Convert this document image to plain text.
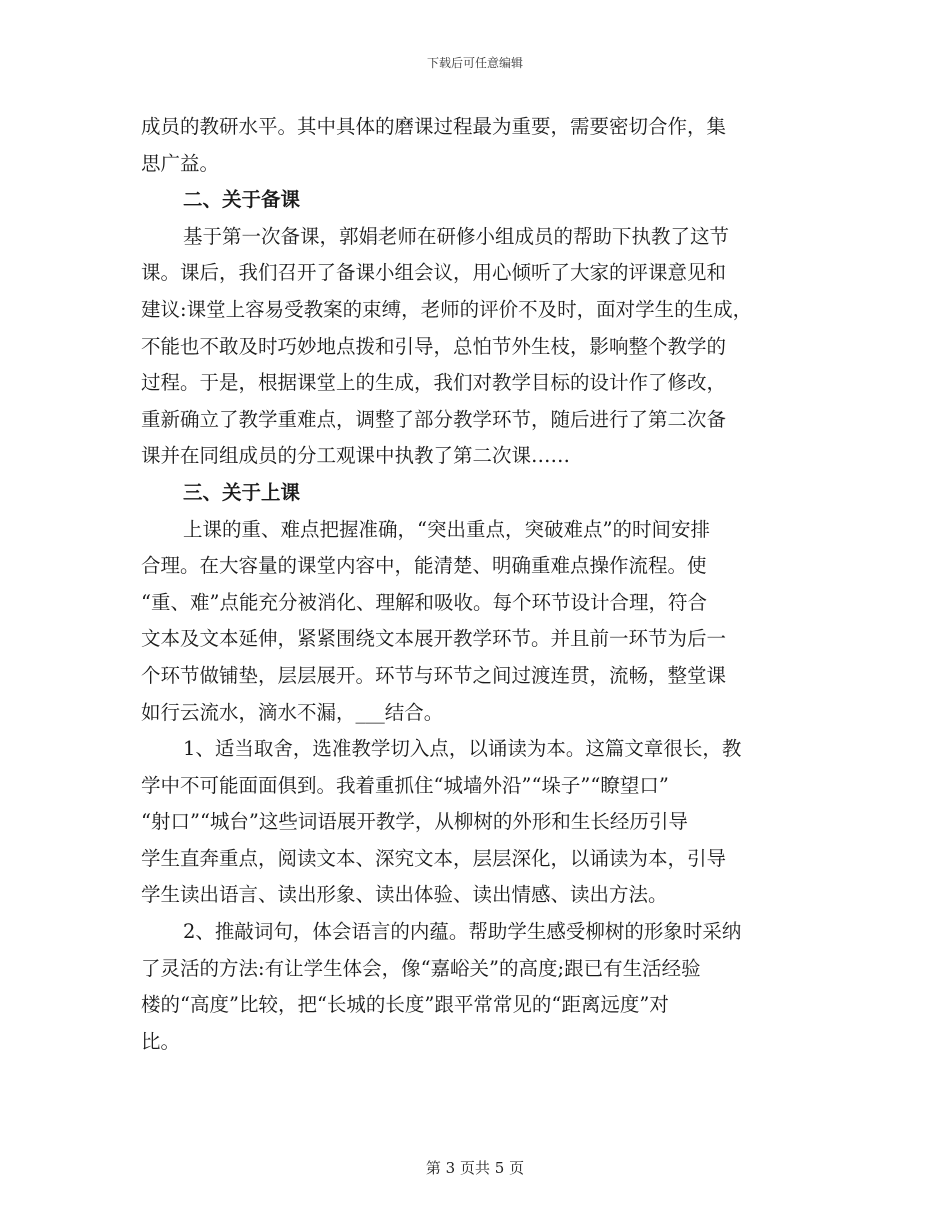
下载后可任意编辑
成员的教研水平。其中具体的磨课过程最为重要，需要密切合作，集
思广益。
二、关于备课
基于第一次备课，郭娟老师在研修小组成员的帮助下执教了这节
课。课后，我们召开了备课小组会议，用心倾听了大家的评课意见和
建议:课堂上容易受教案的束缚，老师的评价不及时，面对学生的生成，
不能也不敢及时巧妙地点拨和引导，总怕节外生枝，影响整个教学的
过程。于是，根据课堂上的生成，我们对教学目标的设计作了修改，
重新确立了教学重难点，调整了部分教学环节，随后进行了第二次备
课并在同组成员的分工观课中执教了第二次课……
三、关于上课
上课的重、难点把握准确，“突出重点，突破难点”的时间安排
合理。在大容量的课堂内容中，能清楚、明确重难点操作流程。使
“重、难”点能充分被消化、理解和吸收。每个环节设计合理，符合
文本及文本延伸，紧紧围绕文本展开教学环节。并且前一环节为后一
个环节做铺垫，层层展开。环节与环节之间过渡连贯，流畅，整堂课
如行云流水，滴水不漏，___结合。
1、适当取舍，选准教学切入点，以诵读为本。这篇文章很长，教
学中不可能面面俱到。我着重抓住“城墙外沿”“垛子”“瞭望口”
“射口”“城台”这些词语展开教学，从柳树的外形和生长经历引导
学生直奔重点，阅读文本、深究文本，层层深化，以诵读为本，引导
学生读出语言、读出形象、读出体验、读出情感、读出方法。
2、推敲词句，体会语言的内蕴。帮助学生感受柳树的形象时采纳
了灵活的方法:有让学生体会，像“嘉峪关”的高度;跟已有生活经验
楼的“高度”比较，把“长城的长度”跟平常常见的“距离远度”对
比。
第 3 页共 5 页
